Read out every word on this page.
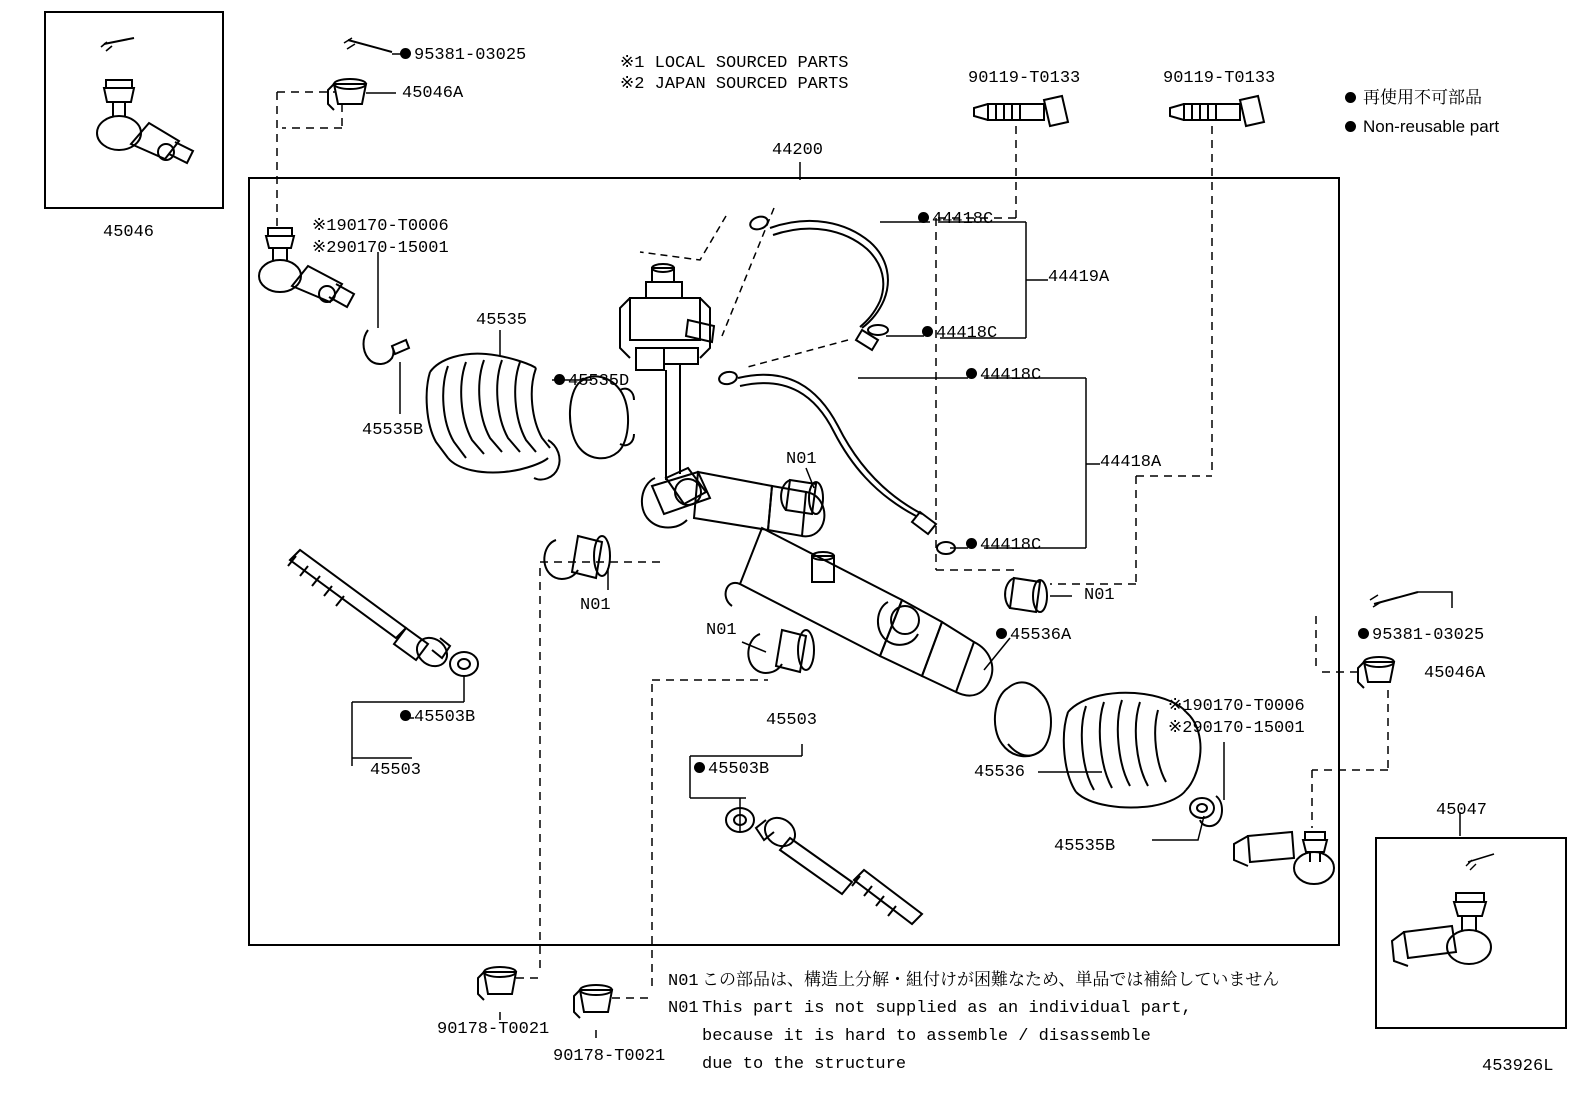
45046
95381-03025
45046A
※1 LOCAL SOURCED PARTS
※2 JAPAN SOURCED PARTS
再使用不可部品
Non-reusable part
90119-T0133	90119-T0133
44200
※190170-T0006
※290170-15001
45535
45535B
45535D
44418C
44418C
44418C
44418C
44419A
44418A
N01
N01
N01
N01
45503B
45503
45503
45503B
45536A
45536
45535B
※190170-T0006
※290170-15001
95381-03025
45046A
45047
90178-T0021
90178-T0021
N01 この部品は、構造上分解・組付けが困難なため、単品では補給していません
N01 This part is not supplied as an individual part,
because it is hard to assemble / disassemble
due to the structure	453926L
